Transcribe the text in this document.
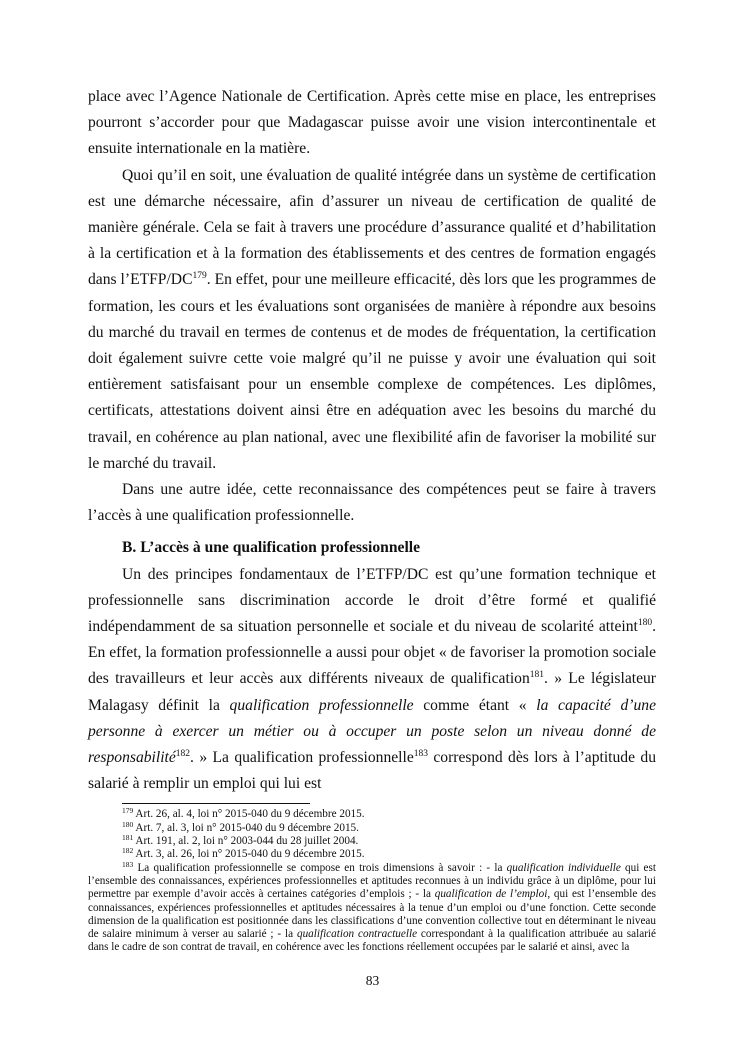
place avec l’Agence Nationale de Certification. Après cette mise en place, les entreprises pourront s’accorder pour que Madagascar puisse avoir une vision intercontinentale et ensuite internationale en la matière.

Quoi qu’il en soit, une évaluation de qualité intégrée dans un système de certification est une démarche nécessaire, afin d’assurer un niveau de certification de qualité de manière générale. Cela se fait à travers une procédure d’assurance qualité et d’habilitation à la certification et à la formation des établissements et des centres de formation engagés dans l’ETFP/DC$^{179}$. En effet, pour une meilleure efficacité, dès lors que les programmes de formation, les cours et les évaluations sont organisées de manière à répondre aux besoins du marché du travail en termes de contenus et de modes de fréquentation, la certification doit également suivre cette voie malgré qu’il ne puisse y avoir une évaluation qui soit entièrement satisfaisant pour un ensemble complexe de compétences. Les diplômes, certificats, attestations doivent ainsi être en adéquation avec les besoins du marché du travail, en cohérence au plan national, avec une flexibilité afin de favoriser la mobilité sur le marché du travail.

Dans une autre idée, cette reconnaissance des compétences peut se faire à travers l’accès à une qualification professionnelle.

B. L’accès à une qualification professionnelle

Un des principes fondamentaux de l’ETFP/DC est qu’une formation technique et professionnelle sans discrimination accorde le droit d’être formé et qualifié indépendamment de sa situation personnelle et sociale et du niveau de scolarité atteint$^{180}$. En effet, la formation professionnelle a aussi pour objet « de favoriser la promotion sociale des travailleurs et leur accès aux différents niveaux de qualification$^{181}$. » Le législateur Malagasy définit la qualification professionnelle comme étant « la capacité d’une personne à exercer un métier ou à occuper un poste selon un niveau donné de responsabilité$^{182}$. » La qualification professionnelle$^{183}$ correspond dès lors à l’aptitude du salarié à remplir un emploi qui lui est

$^{179}$ Art. 26, al. 4, loi n° 2015-040 du 9 décembre 2015.

$^{180}$ Art. 7, al. 3, loi n° 2015-040 du 9 décembre 2015.

$^{181}$ Art. 191, al. 2, loi n° 2003-044 du 28 juillet 2004.

$^{182}$ Art. 3, al. 26, loi n° 2015-040 du 9 décembre 2015.

$^{183}$ La qualification professionnelle se compose en trois dimensions à savoir : - la qualification individuelle qui est l’ensemble des connaissances, expériences professionnelles et aptitudes reconnues à un individu grâce à un diplôme, pour lui permettre par exemple d’avoir accès à certaines catégories d’emplois ; - la qualification de l’emploi, qui est l’ensemble des connaissances, expériences professionnelles et aptitudes nécessaires à la tenue d’un emploi ou d’une fonction. Cette seconde dimension de la qualification est positionnée dans les classifications d’une convention collective tout en déterminant le niveau de salaire minimum à verser au salarié ; - la qualification contractuelle correspondant à la qualification attribuée au salarié dans le cadre de son contrat de travail, en cohérence avec les fonctions réellement occupées par le salarié et ainsi, avec la

83
